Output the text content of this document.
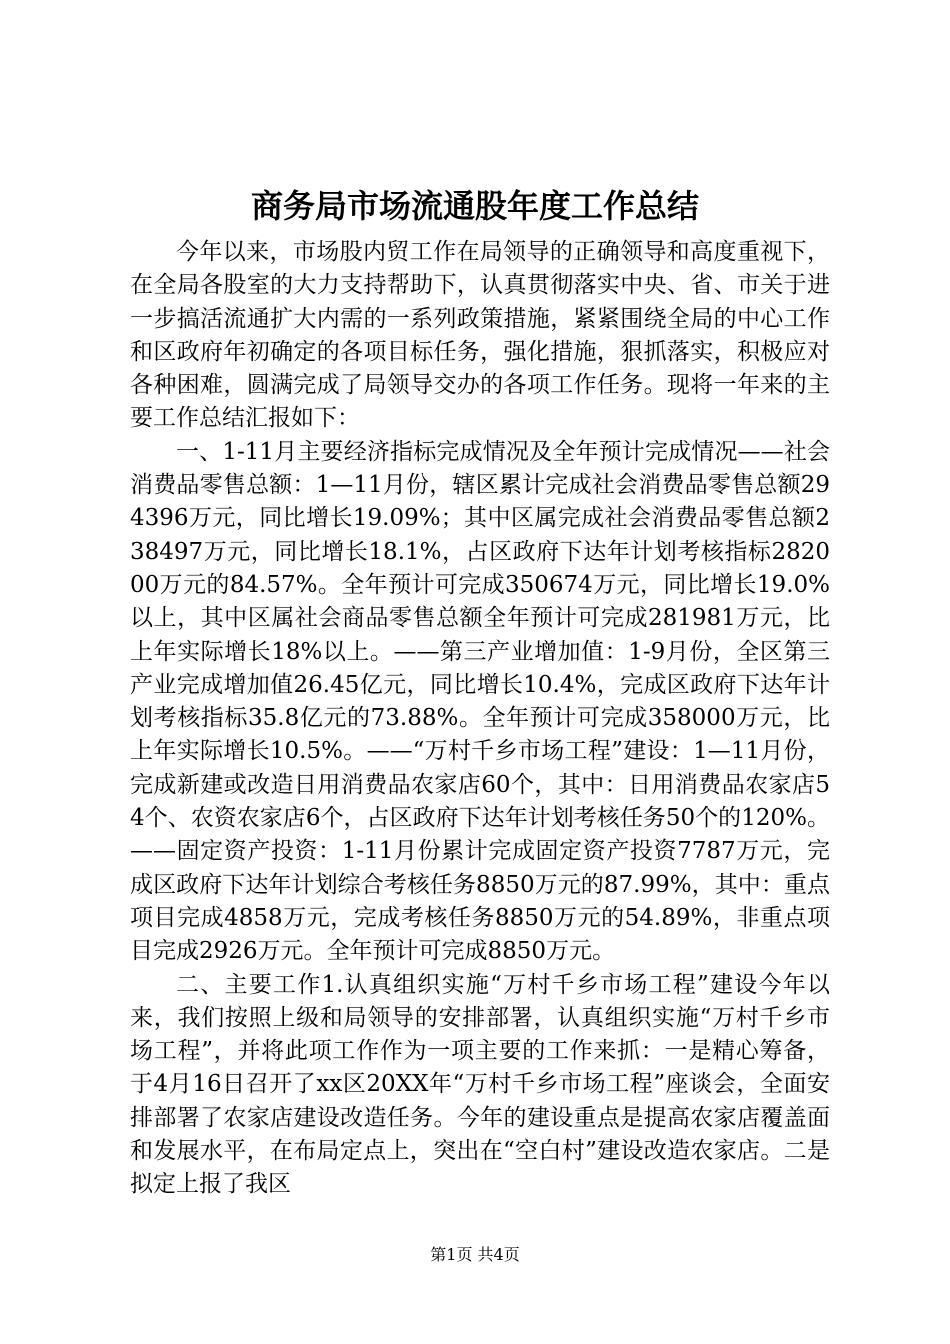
商务局市场流通股年度工作总结

今年以来，市场股内贸工作在局领导的正确领导和高度重视下，在全局各股室的大力支持帮助下，认真贯彻落实中央、省、市关于进一步搞活流通扩大内需的一系列政策措施，紧紧围绕全局的中心工作和区政府年初确定的各项目标任务，强化措施，狠抓落实，积极应对各种困难，圆满完成了局领导交办的各项工作任务。现将一年来的主要工作总结汇报如下：

一、1-11月主要经济指标完成情况及全年预计完成情况——社会消费品零售总额：1—11月份，辖区累计完成社会消费品零售总额294396万元，同比增长19.09%；其中区属完成社会消费品零售总额238497万元，同比增长18.1%，占区政府下达年计划考核指标282000万元的84.57%。全年预计可完成350674万元，同比增长19.0%以上，其中区属社会商品零售总额全年预计可完成281981万元，比上年实际增长18%以上。——第三产业增加值：1-9月份，全区第三产业完成增加值26.45亿元，同比增长10.4%，完成区政府下达年计划考核指标35.8亿元的73.88%。全年预计可完成358000万元，比上年实际增长10.5%。——“万村千乡市场工程”建设：1—11月份，完成新建或改造日用消费品农家店60个，其中：日用消费品农家店54个、农资农家店6个，占区政府下达年计划考核任务50个的120%。——固定资产投资：1-11月份累计完成固定资产投资7787万元，完成区政府下达年计划综合考核任务8850万元的87.99%，其中：重点项目完成4858万元，完成考核任务8850万元的54.89%，非重点项目完成2926万元。全年预计可完成8850万元。

二、主要工作1.认真组织实施“万村千乡市场工程”建设今年以来，我们按照上级和局领导的安排部署，认真组织实施“万村千乡市场工程”，并将此项工作作为一项主要的工作来抓：一是精心筹备，于4月16日召开了xx区20XX年“万村千乡市场工程”座谈会，全面安排部署了农家店建设改造任务。今年的建设重点是提高农家店覆盖面和发展水平，在布局定点上，突出在“空白村”建设改造农家店。二是拟定上报了我区

第1页 共4页
